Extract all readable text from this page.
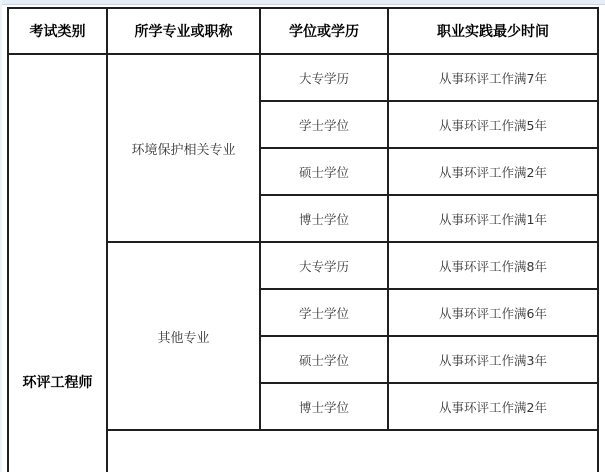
考试类别	所学专业或职称	学位或学历	职业实践最少时间
环评工程师	环境保护相关专业	大专学历	从事环评工作满7年
		学士学位	从事环评工作满5年
		硕士学位	从事环评工作满2年
		博士学位	从事环评工作满1年
	其他专业	大专学历	从事环评工作满8年
		学士学位	从事环评工作满6年
		硕士学位	从事环评工作满3年
		博士学位	从事环评工作满2年
